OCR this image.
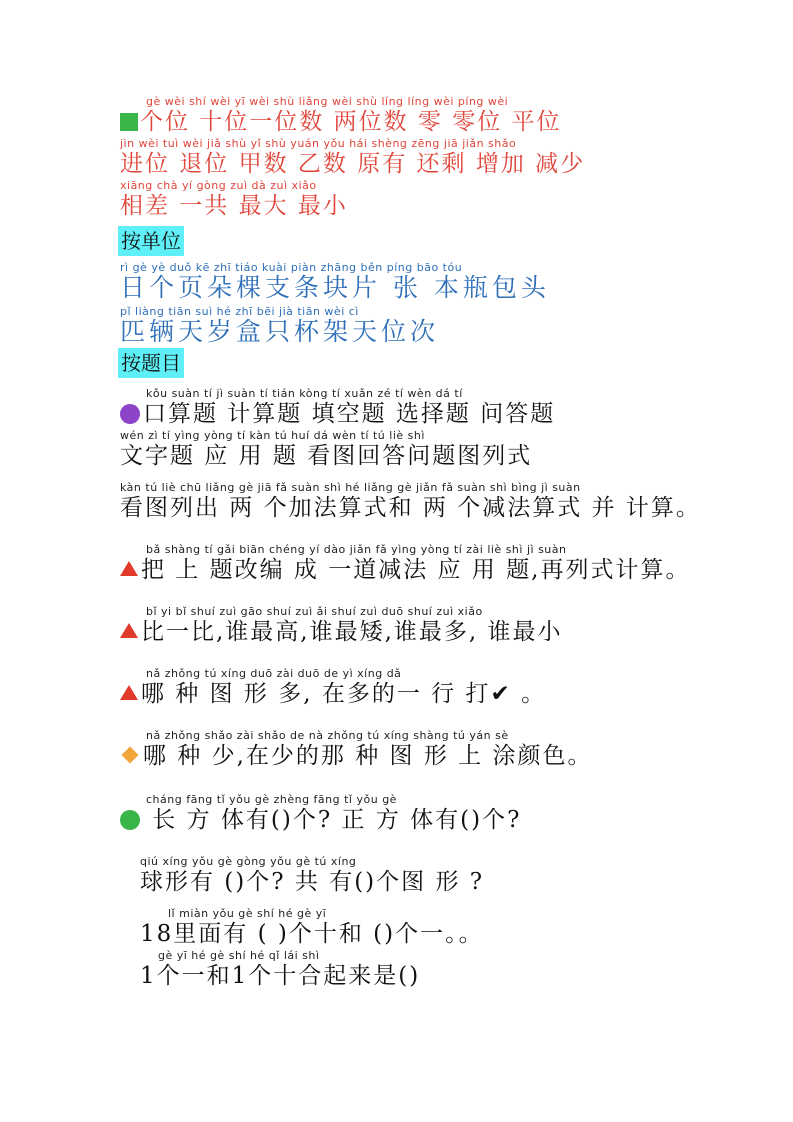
gè wèi shí wèi yī wèi shù liǎng wèi shù líng líng wèi píng wèi
个位 十位一位数 两位数 零 零位 平位
jìn wèi tuì wèi jiǎ shù yǐ shù yuán yǒu hái shèng zēng jiā jiǎn shǎo
进位 退位 甲数 乙数 原有 还剩 增加 减少
xiāng chà yí gòng zuì dà zuì xiǎo
相差 一共 最大 最小
按单位
rì gè yè duǒ kē zhī tiáo kuài piàn zhāng běn píng bāo tóu
日个页朵棵支条块片 张 本瓶包头
pǐ liàng tiān suì hé zhī bēi jià tiān wèi cì
匹辆天岁盒只杯架天位次
按题目
kǒu suàn tí jì suàn tí tián kòng tí xuǎn zé tí wèn dá tí
口算题 计算题 填空题 选择题 问答题
wén zì tí yìng yòng tí kàn tú huí dá wèn tí tú liè shì
文字题 应 用 题 看图回答问题图列式
kàn tú liè chū liǎng gè jiā fǎ suàn shì hé liǎng gè jiǎn fǎ suàn shì bìng jì suàn
看图列出 两 个加法算式和 两 个减法算式 并 计算。
bǎ shàng tí gǎi biān chéng yí dào jiǎn fǎ yìng yòng tí zài liè shì jì suàn
把 上 题改编 成 一道减法 应 用 题,再列式计算。
bǐ yi bǐ shuí zuì gāo shuí zuì ǎi shuí zuì duō shuí zuì xiǎo
比一比,谁最高,谁最矮,谁最多, 谁最小
nǎ zhǒng tú xíng duō zài duō de yì xíng dǎ
哪 种 图 形 多, 在多的一 行 打✔ 。
nǎ zhǒng shǎo zài shǎo de nà zhǒng tú xíng shàng tú yán sè
哪 种 少,在少的那 种 图 形 上 涂颜色。
cháng fāng tǐ yǒu gè zhèng fāng tǐ yǒu gè
长 方 体有()个? 正 方 体有()个?
qiú xíng yǒu gè gòng yǒu gè tú xíng
球形有 ()个? 共 有()个图 形 ?
lǐ miàn yǒu gè shí hé gè yī
18里面有 ( )个十和 ()个一。。
gè yī hé gè shí hé qǐ lái shì
1个一和1个十合起来是()
